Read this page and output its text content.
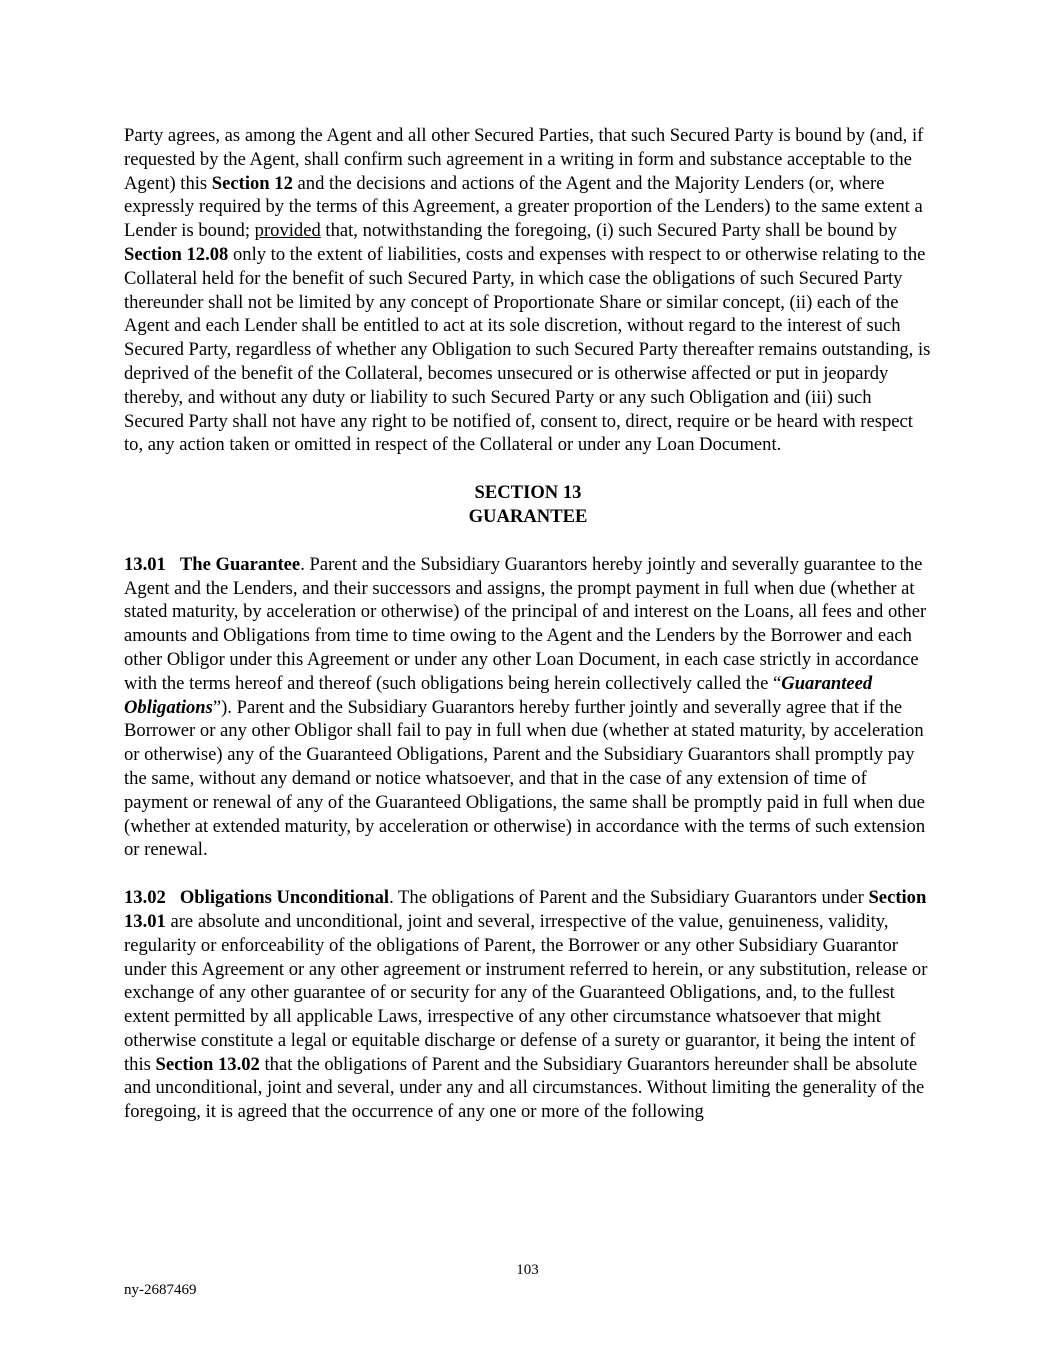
Party agrees, as among the Agent and all other Secured Parties, that such Secured Party is bound by (and, if requested by the Agent, shall confirm such agreement in a writing in form and substance acceptable to the Agent) this Section 12 and the decisions and actions of the Agent and the Majority Lenders (or, where expressly required by the terms of this Agreement, a greater proportion of the Lenders) to the same extent a Lender is bound; provided that, notwithstanding the foregoing, (i) such Secured Party shall be bound by Section 12.08 only to the extent of liabilities, costs and expenses with respect to or otherwise relating to the Collateral held for the benefit of such Secured Party, in which case the obligations of such Secured Party thereunder shall not be limited by any concept of Proportionate Share or similar concept, (ii) each of the Agent and each Lender shall be entitled to act at its sole discretion, without regard to the interest of such Secured Party, regardless of whether any Obligation to such Secured Party thereafter remains outstanding, is deprived of the benefit of the Collateral, becomes unsecured or is otherwise affected or put in jeopardy thereby, and without any duty or liability to such Secured Party or any such Obligation and (iii) such Secured Party shall not have any right to be notified of, consent to, direct, require or be heard with respect to, any action taken or omitted in respect of the Collateral or under any Loan Document.

SECTION 13
GUARANTEE

13.01 The Guarantee. Parent and the Subsidiary Guarantors hereby jointly and severally guarantee to the Agent and the Lenders, and their successors and assigns, the prompt payment in full when due (whether at stated maturity, by acceleration or otherwise) of the principal of and interest on the Loans, all fees and other amounts and Obligations from time to time owing to the Agent and the Lenders by the Borrower and each other Obligor under this Agreement or under any other Loan Document, in each case strictly in accordance with the terms hereof and thereof (such obligations being herein collectively called the “Guaranteed Obligations”). Parent and the Subsidiary Guarantors hereby further jointly and severally agree that if the Borrower or any other Obligor shall fail to pay in full when due (whether at stated maturity, by acceleration or otherwise) any of the Guaranteed Obligations, Parent and the Subsidiary Guarantors shall promptly pay the same, without any demand or notice whatsoever, and that in the case of any extension of time of payment or renewal of any of the Guaranteed Obligations, the same shall be promptly paid in full when due (whether at extended maturity, by acceleration or otherwise) in accordance with the terms of such extension or renewal.

13.02 Obligations Unconditional. The obligations of Parent and the Subsidiary Guarantors under Section 13.01 are absolute and unconditional, joint and several, irrespective of the value, genuineness, validity, regularity or enforceability of the obligations of Parent, the Borrower or any other Subsidiary Guarantor under this Agreement or any other agreement or instrument referred to herein, or any substitution, release or exchange of any other guarantee of or security for any of the Guaranteed Obligations, and, to the fullest extent permitted by all applicable Laws, irrespective of any other circumstance whatsoever that might otherwise constitute a legal or equitable discharge or defense of a surety or guarantor, it being the intent of this Section 13.02 that the obligations of Parent and the Subsidiary Guarantors hereunder shall be absolute and unconditional, joint and several, under any and all circumstances. Without limiting the generality of the foregoing, it is agreed that the occurrence of any one or more of the following

103
ny-2687469
